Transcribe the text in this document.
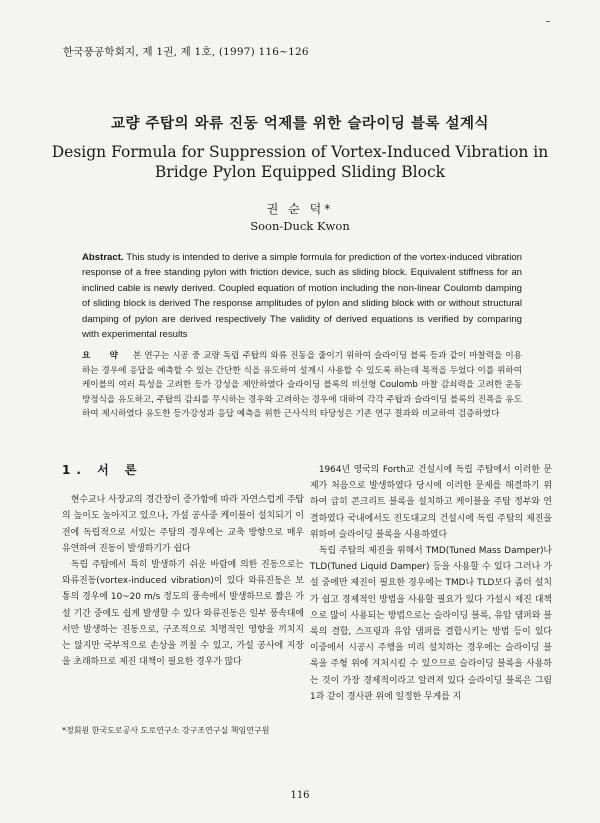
한국풍공학회지, 제 1권, 제 1호, (1997) 116~126
교량 주탑의 와류 진동 억제를 위한 슬라이딩 블록 설계식
Design Formula for Suppression of Vortex-Induced Vibration in Bridge Pylon Equipped Sliding Block
권 순 덕*
Soon-Duck Kwon
Abstract. This study is intended to derive a simple formula for prediction of the vortex-induced vibration response of a free standing pylon with friction device, such as sliding block. Equivalent stiffness for an inclined cable is newly derived. Coupled equation of motion including the non-linear Coulomb damping of sliding block is derived The response amplitudes of pylon and sliding block with or without structural damping of pylon are derived respectively The validity of derived equations is verified by comparing with experimental results
요 약 본 연구는 시공 중 교량 독립 주탑의 와류 진동을 줄이기 위하여 슬라이딩 블록 등과 같이 마찰력을 이용하는 경우에 응답을 예측할 수 있는 간단한 식을 유도하여 설계시 사용할 수 있도록 하는데 목적을 두었다 이를 위하여 케이블의 여러 특성을 고려한 등가 강성을 제안하였다 슬라이딩 블록의 비선형 Coulomb 마찰 감쇠력을 고려한 운동방정식을 유도하고, 주탑의 감쇠를 무시하는 경우와 고려하는 경우에 대하여 각각 주탑과 슬라이딩 블록의 진폭을 유도하여 제시하였다 유도한 등가강성과 응답 예측을 위한 근사식의 타당성은 기존 연구 결과와 비교하여 검증하였다
1. 서 론

현수교나 사장교의 경간장이 증가함에 따라 자연스럽게 주탑의 높이도 높아지고 있으나, 가설 공사중 케이블이 설치되기 이전에 독립적으로 서있는 주탑의 경우에는 교축 방향으로 매우 유연하여 진동이 발생하기가 쉽다

독립 주탑에서 특히 발생하기 쉬운 바람에 의한 진동으로는 와류진동(vortex-induced vibration)이 있다 와류진동은 보통의 경우에 10~20 m/s 정도의 풍속에서 발생하므로 짧은 가설 기간 중에도 쉽게 발생할 수 있다 와류진동은 일부 풍속대에서만 발생하는 진동으로, 구조적으로 치명적인 영향을 끼치지는 않지만 국부적으로 손상을 끼칠 수 있고, 가설 공사에 지장을 초래하므로 제진 대책이 필요한 경우가 많다

1964년 영국의 Forth교 건설시에 독립 주탑에서 이러한 문제가 처음으로 발생하였다 당시에 이러한 문제를 해결하기 위하여 급히 콘크리트 블록을 설치하고 케이블을 주탑 정부와 연결하였다 국내에서도 진도대교의 건설시에 독립 주탑의 제진을 위하여 슬라이딩 블록을 사용하였다

독립 주탑의 제진을 위해서 TMD(Tuned Mass Damper)나 TLD(Tuned Liquid Damper) 등을 사용할 수 있다 그러나 가설 중에만 제진이 필요한 경우에는 TMD나 TLD보다 좀더 설치가 쉽고 경제적인 방법을 사용할 필요가 있다 가설시 제진 대책으로 많이 사용되는 방법으로는 슬라이딩 블록, 유압 댐퍼와 블록의 결합, 스프링과 유압 댐퍼를 결합시키는 방법 등이 있다 이중에서 시공시 주행을 미리 설치하는 경우에는 슬라이딩 블록을 주형 위에 겨처시킬 수 있으므로 슬라이딩 블록을 사용하는 것이 가장 경제적이라고 알려져 있다 슬라이딩 블록은 그림 1과 같이 경사판 위에 일정한 무게를 지

*정회원 한국도로공사 도로연구소 강구조연구실 책임연구원
116
